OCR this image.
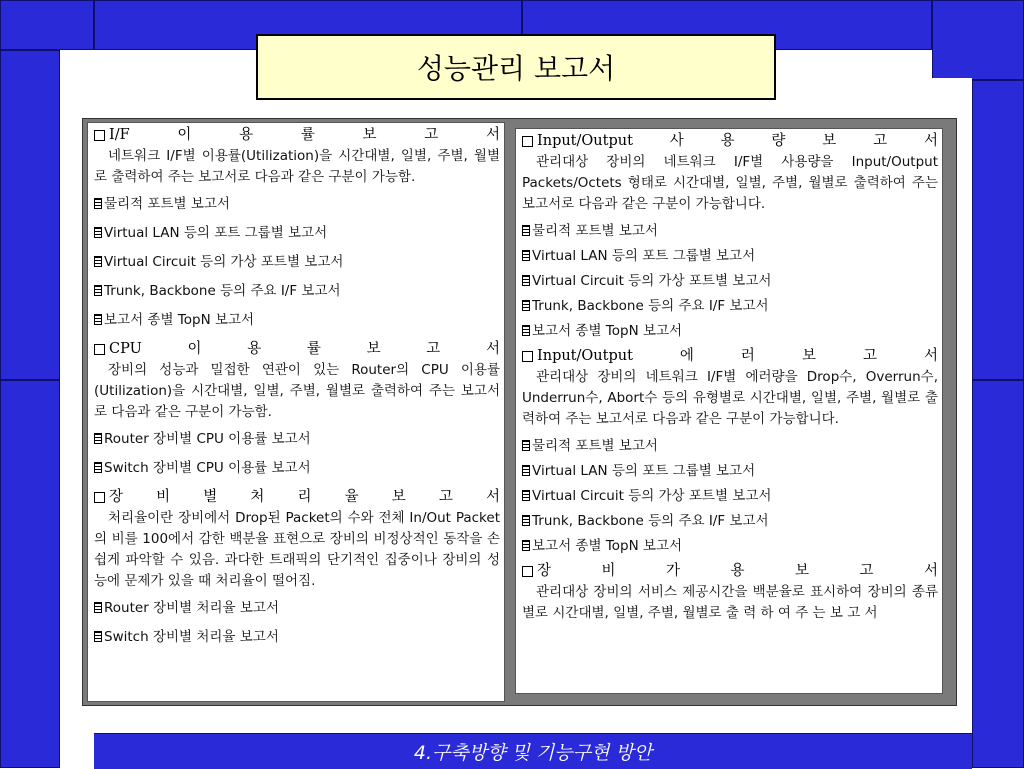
성능관리 보고서
I/F 이 용 률 보 고 서
네트워크 I/F별 이용률(Utilization)을 시간대별, 일별, 주별, 월별로 출력하여 주는 보고서로 다음과 같은 구분이 가능함.
물리적 포트별 보고서
Virtual LAN 등의 포트 그룹별 보고서
Virtual Circuit 등의 가상 포트별 보고서
Trunk, Backbone 등의 주요 I/F 보고서
보고서 종별 TopN 보고서
CPU 이 용 률 보 고 서
장비의 성능과 밀접한 연관이 있는 Router의 CPU 이용률(Utilization)을 시간대별, 일별, 주별, 월별로 출력하여 주는 보고서로 다음과 같은 구분이 가능함.
Router 장비별 CPU 이용률 보고서
Switch 장비별 CPU 이용률 보고서
장 비 별 처 리 율 보 고 서
처리율이란 장비에서 Drop된 Packet의 수와 전체 In/Out Packet의 비를 100에서 감한 백분율 표현으로 장비의 비정상적인 동작을 손쉽게 파악할 수 있음. 과다한 트래픽의 단기적인 집중이나 장비의 성능에 문제가 있을 때 처리율이 떨어짐.
Router 장비별 처리율 보고서
Switch 장비별 처리율 보고서
Input/Output 사 용 량 보 고 서
관리대상 장비의 네트워크 I/F별 사용량을 Input/Output Packets/Octets 형태로 시간대별, 일별, 주별, 월별로 출력하여 주는 보고서로 다음과 같은 구분이 가능합니다.
물리적 포트별 보고서
Virtual LAN 등의 포트 그룹별 보고서
Virtual Circuit 등의 가상 포트별 보고서
Trunk, Backbone 등의 주요 I/F 보고서
보고서 종별 TopN 보고서
Input/Output 에 러 보 고 서
관리대상 장비의 네트워크 I/F별 에러량을 Drop수, Overrun수, Underrun수, Abort수 등의 유형별로 시간대별, 일별, 주별, 월별로 출력하여 주는 보고서로 다음과 같은 구분이 가능합니다.
물리적 포트별 보고서
Virtual LAN 등의 포트 그룹별 보고서
Virtual Circuit 등의 가상 포트별 보고서
Trunk, Backbone 등의 주요 I/F 보고서
보고서 종별 TopN 보고서
장 비 가 용 보 고 서
관리대상 장비의 서비스 제공시간을 백분율로 표시하여 장비의 종류별로 시간대별, 일별, 주별, 월별로 출 력 하 여 주 는 보 고 서
4.구축방향 및 기능구현 방안
